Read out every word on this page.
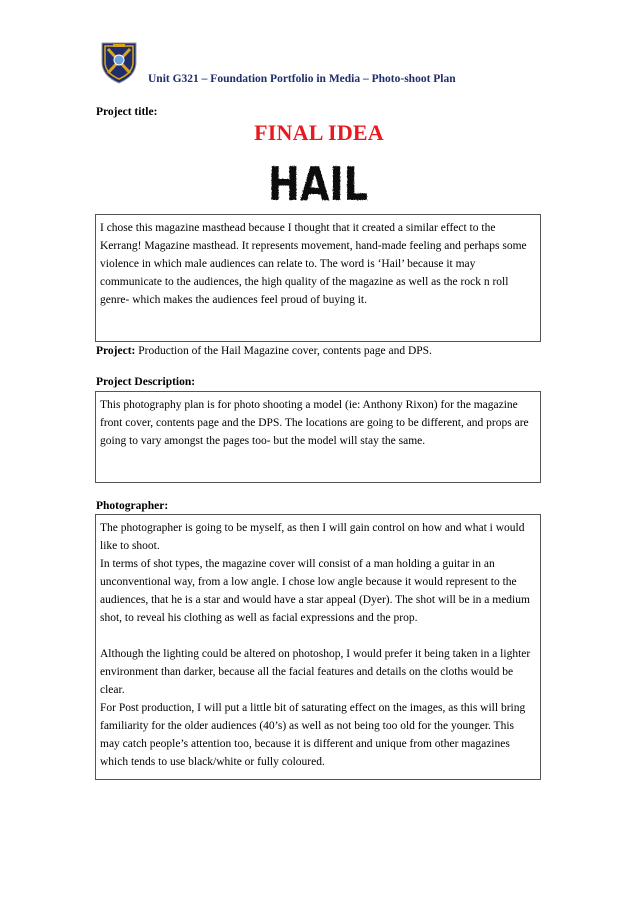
Unit G321 – Foundation Portfolio in Media – Photo-shoot Plan
Project title:
FINAL IDEA
HAIL

I chose this magazine masthead because I thought that it created a similar effect to the Kerrang! Magazine masthead. It represents movement, hand-made feeling and perhaps some violence in which male audiences can relate to. The word is ‘Hail’ because it may communicate to the audiences, the high quality of the magazine as well as the rock n roll genre- which makes the audiences feel proud of buying it.

Project: Production of the Hail Magazine cover, contents page and DPS.
Project Description:

This photography plan is for photo shooting a model (ie: Anthony Rixon) for the magazine front cover, contents page and the DPS. The locations are going to be different, and props are going to vary amongst the pages too- but the model will stay the same.

Photographer:

The photographer is going to be myself, as then I will gain control on how and what i would like to shoot.

In terms of shot types, the magazine cover will consist of a man holding a guitar in an unconventional way, from a low angle. I chose low angle because it would represent to the audiences, that he is a star and would have a star appeal (Dyer). The shot will be in a medium shot, to reveal his clothing as well as facial expressions and the prop.

Although the lighting could be altered on photoshop, I would prefer it being taken in a lighter environment than darker, because all the facial features and details on the cloths would be clear.

For Post production, I will put a little bit of saturating effect on the images, as this will bring familiarity for the older audiences (40’s) as well as not being too old for the younger. This may catch people’s attention too, because it is different and unique from other magazines which tends to use black/white or fully coloured.
